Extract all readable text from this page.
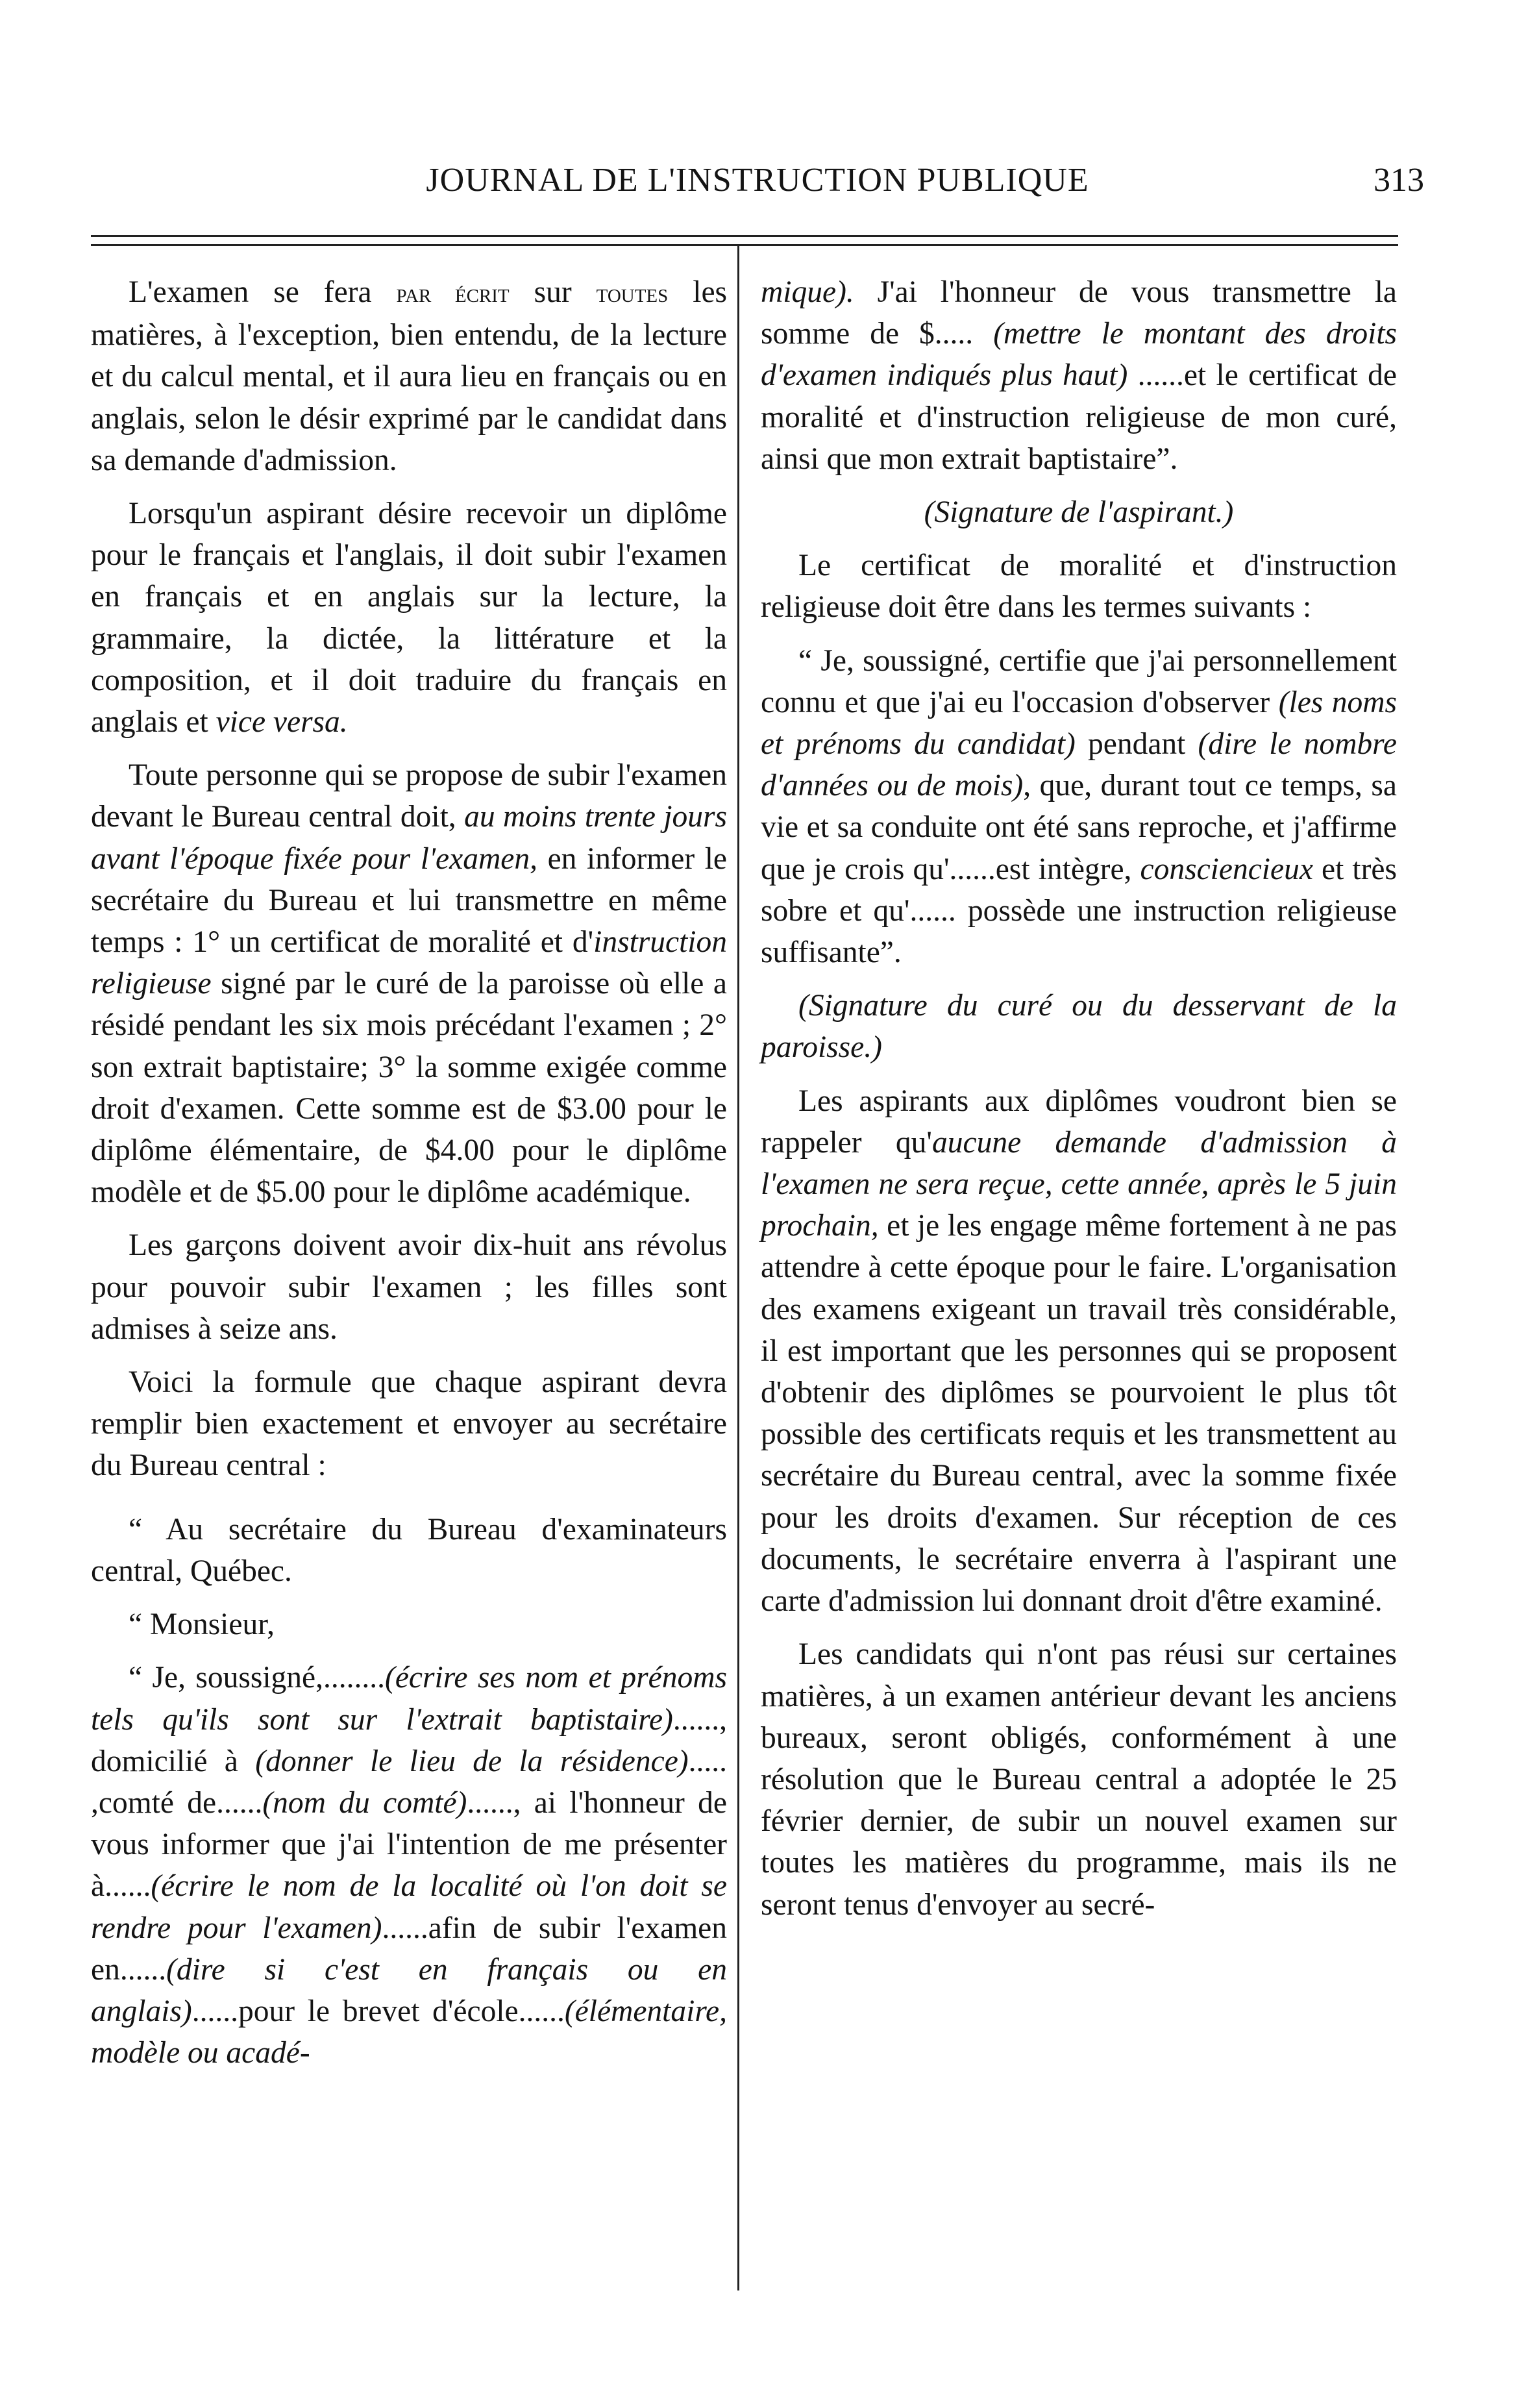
JOURNAL DE L'INSTRUCTION PUBLIQUE	313

L'examen se fera par écrit sur toutes les matières, à l'exception, bien entendu, de la lecture et du calcul mental, et il aura lieu en français ou en anglais, selon le désir exprimé par le candidat dans sa demande d'admission.

Lorsqu'un aspirant désire recevoir un diplôme pour le français et l'anglais, il doit subir l'examen en français et en anglais sur la lecture, la grammaire, la dictée, la littérature et la composition, et il doit traduire du français en anglais et vice versa.

Toute personne qui se propose de subir l'examen devant le Bureau central doit, au moins trente jours avant l'époque fixée pour l'examen, en informer le secrétaire du Bureau et lui transmettre en même temps : 1° un certificat de moralité et d'instruction religieuse signé par le curé de la paroisse où elle a résidé pendant les six mois précédant l'examen ; 2° son extrait baptistaire; 3° la somme exigée comme droit d'examen. Cette somme est de $3.00 pour le diplôme élémentaire, de $4.00 pour le diplôme modèle et de $5.00 pour le diplôme académique.

Les garçons doivent avoir dix-huit ans révolus pour pouvoir subir l'examen ; les filles sont admises à seize ans.

Voici la formule que chaque aspirant devra remplir bien exactement et envoyer au secrétaire du Bureau central :

“ Au secrétaire du Bureau d'examinateurs central, Québec.

“ Monsieur,

“ Je, soussigné,........(écrire ses nom et prénoms tels qu'ils sont sur l'extrait baptistaire)......, domicilié à (donner le lieu de la résidence)..... ,comté de......(nom du comté)......, ai l'honneur de vous informer que j'ai l'intention de me présenter à......(écrire le nom de la localité où l'on doit se rendre pour l'examen)......afin de subir l'examen en......(dire si c'est en français ou en anglais)......pour le brevet d'école......(élémentaire, modèle ou acadé-

mique). J'ai l'honneur de vous transmettre la somme de $..... (mettre le montant des droits d'examen indiqués plus haut) ......et le certificat de moralité et d'instruction religieuse de mon curé, ainsi que mon extrait baptistaire”.

(Signature de l'aspirant.)

Le certificat de moralité et d'instruction religieuse doit être dans les termes suivants :

“ Je, soussigné, certifie que j'ai personnellement connu et que j'ai eu l'occasion d'observer (les noms et prénoms du candidat) pendant (dire le nombre d'années ou de mois), que, durant tout ce temps, sa vie et sa conduite ont été sans reproche, et j'affirme que je crois qu'......est intègre, consciencieux et très sobre et qu'...... possède une instruction religieuse suffisante”.

(Signature du curé ou du desservant de la paroisse.)

Les aspirants aux diplômes voudront bien se rappeler qu'aucune demande d'admission à l'examen ne sera reçue, cette année, après le 5 juin prochain, et je les engage même fortement à ne pas attendre à cette époque pour le faire. L'organisation des examens exigeant un travail très considérable, il est important que les personnes qui se proposent d'obtenir des diplômes se pourvoient le plus tôt possible des certificats requis et les transmettent au secrétaire du Bureau central, avec la somme fixée pour les droits d'examen. Sur réception de ces documents, le secrétaire enverra à l'aspirant une carte d'admission lui donnant droit d'être examiné.

Les candidats qui n'ont pas réusi sur certaines matières, à un examen antérieur devant les anciens bureaux, seront obligés, conformément à une résolution que le Bureau central a adoptée le 25 février dernier, de subir un nouvel examen sur toutes les matières du programme, mais ils ne seront tenus d'envoyer au secré-
